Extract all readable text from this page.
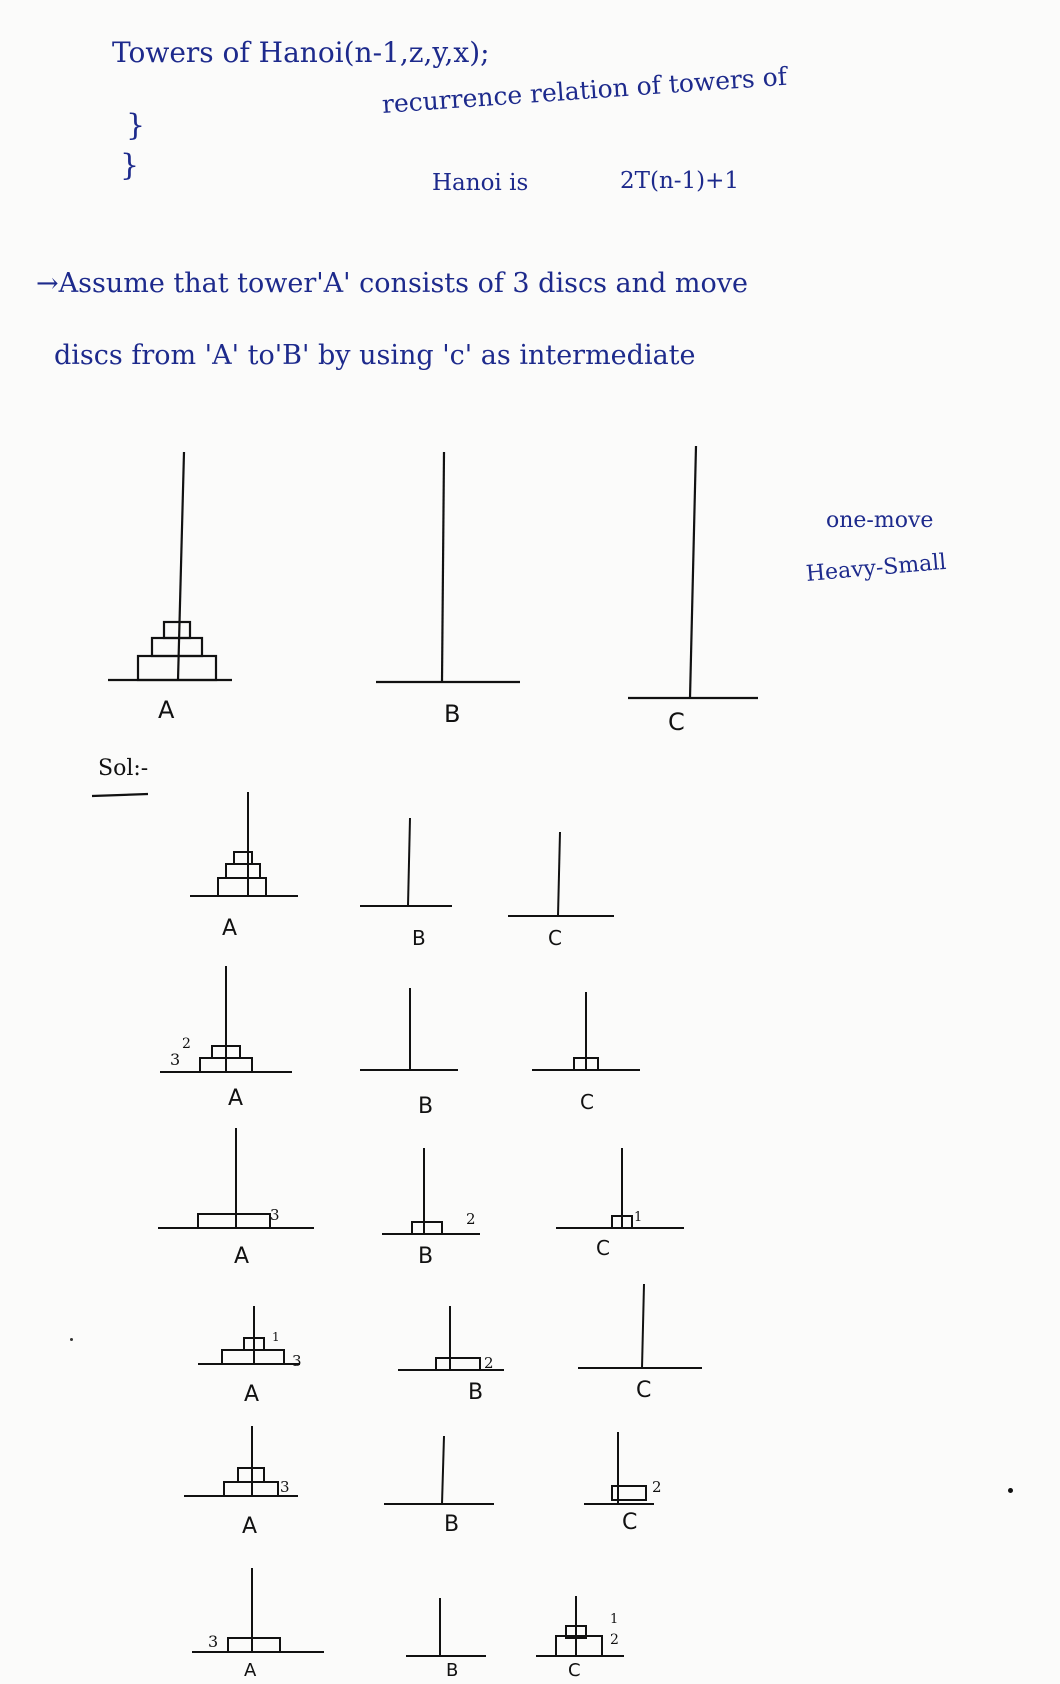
Towers of Hanoi(n-1,z,y,x);
}
}
recurrence relation of towers of
Hanoi is	2T(n-1)+1
→Assume that tower'A' consists of 3 discs and move
discs from 'A' to'B' by using 'c' as intermediate
one-move
Heavy-Small
A	B	C
Sol:-
A	B	C
A	B	C
3
2
A	B	C
3	2	1
A	B	C
1
3	2
A	B	C
3	2
A	B	C
3
1
2
